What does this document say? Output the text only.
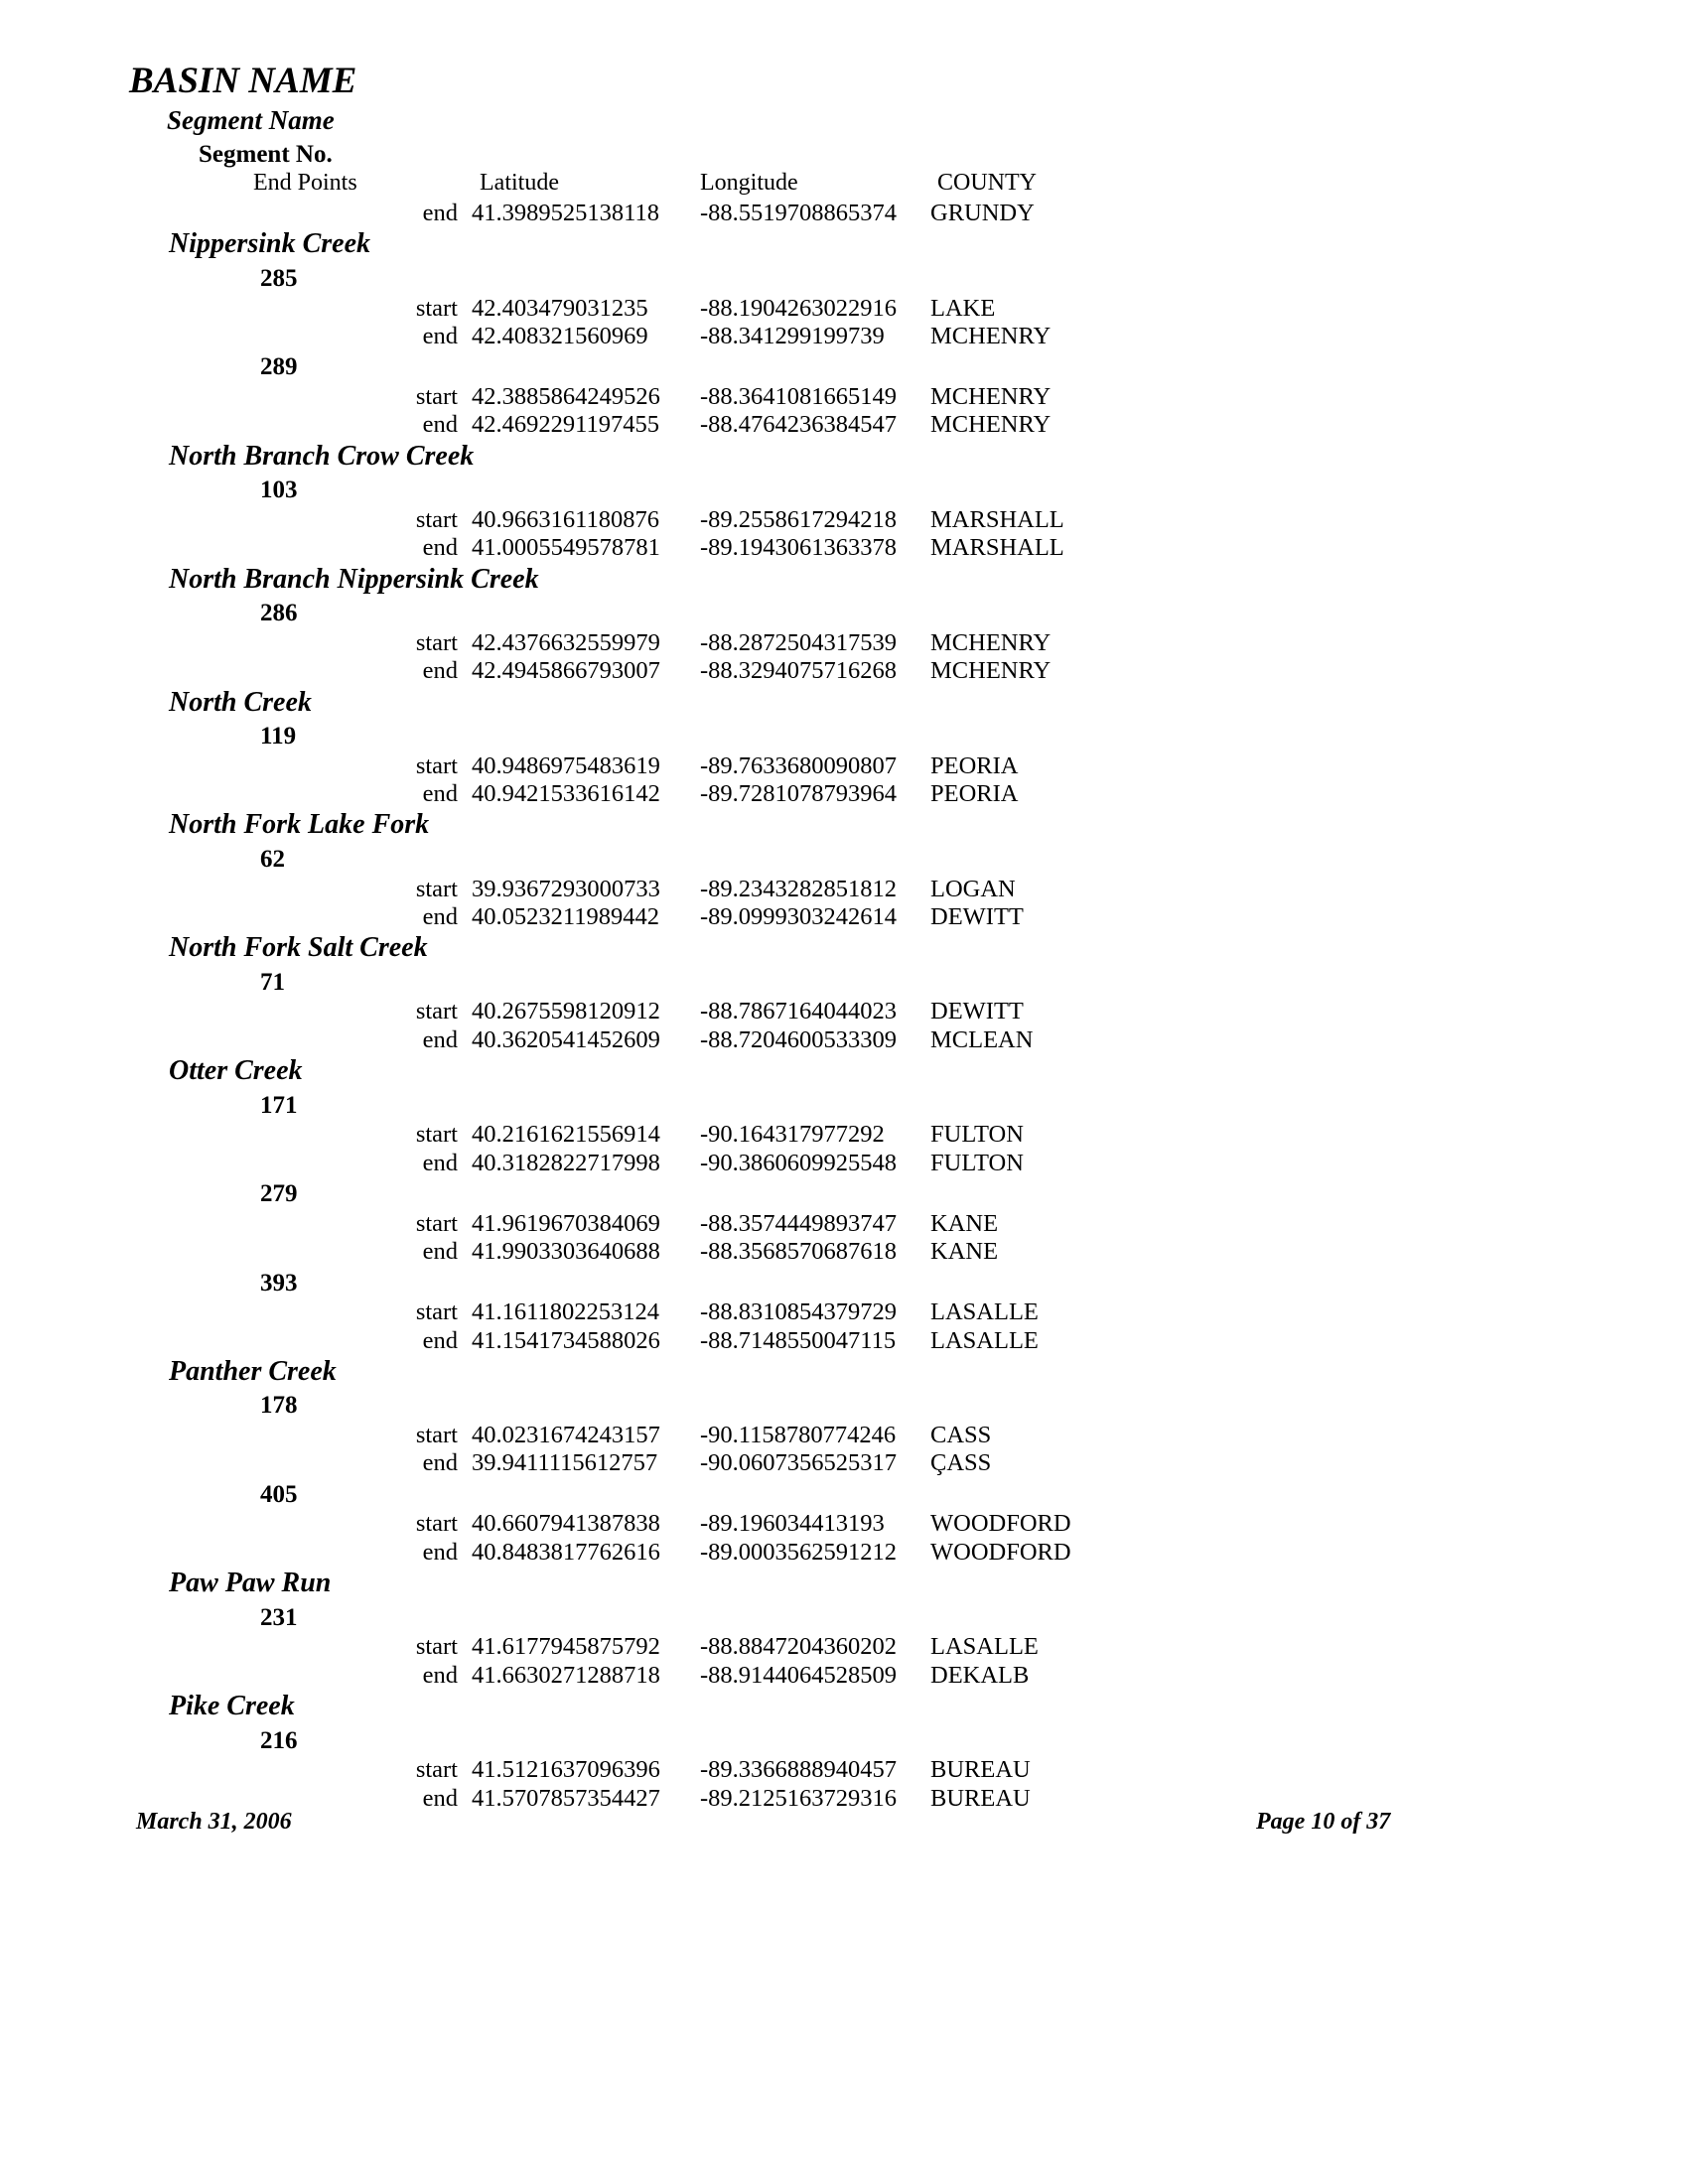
BASIN NAME
Segment Name
Segment No.
End Points	Latitude	Longitude	COUNTY
end 41.3989525138118 -88.5519708865374 GRUNDY
Nippersink Creek
285
start 42.403479031235 -88.1904263022916 LAKE
end 42.408321560969 -88.341299199739 MCHENRY
289
start 42.3885864249526 -88.3641081665149 MCHENRY
end 42.4692291197455 -88.4764236384547 MCHENRY
North Branch Crow Creek
103
start 40.9663161180876 -89.2558617294218 MARSHALL
end 41.0005549578781 -89.1943061363378 MARSHALL
North Branch Nippersink Creek
286
start 42.4376632559979 -88.2872504317539 MCHENRY
end 42.4945866793007 -88.3294075716268 MCHENRY
North Creek
119
start 40.9486975483619 -89.7633680090807 PEORIA
end 40.9421533616142 -89.7281078793964 PEORIA
North Fork Lake Fork
62
start 39.9367293000733 -89.2343282851812 LOGAN
end 40.0523211989442 -89.0999303242614 DEWITT
North Fork Salt Creek
71
start 40.2675598120912 -88.7867164044023 DEWITT
end 40.3620541452609 -88.7204600533309 MCLEAN
Otter Creek
171
start 40.2161621556914 -90.164317977292 FULTON
end 40.3182822717998 -90.3860609925548 FULTON
279
start 41.9619670384069 -88.3574449893747 KANE
end 41.9903303640688 -88.3568570687618 KANE
393
start 41.1611802253124 -88.8310854379729 LASALLE
end 41.1541734588026 -88.7148550047115 LASALLE
Panther Creek
178
start 40.0231674243157 -90.1158780774246 CASS
end 39.9411115612757 -90.0607356525317 ÇASS
405
start 40.6607941387838 -89.196034413193 WOODFORD
end 40.8483817762616 -89.0003562591212 WOODFORD
Paw Paw Run
231
start 41.6177945875792 -88.8847204360202 LASALLE
end 41.6630271288718 -88.9144064528509 DEKALB
Pike Creek
216
start 41.5121637096396 -89.3366888940457 BUREAU
end 41.5707857354427 -89.2125163729316 BUREAU
March 31, 2006	Page 10 of 37
